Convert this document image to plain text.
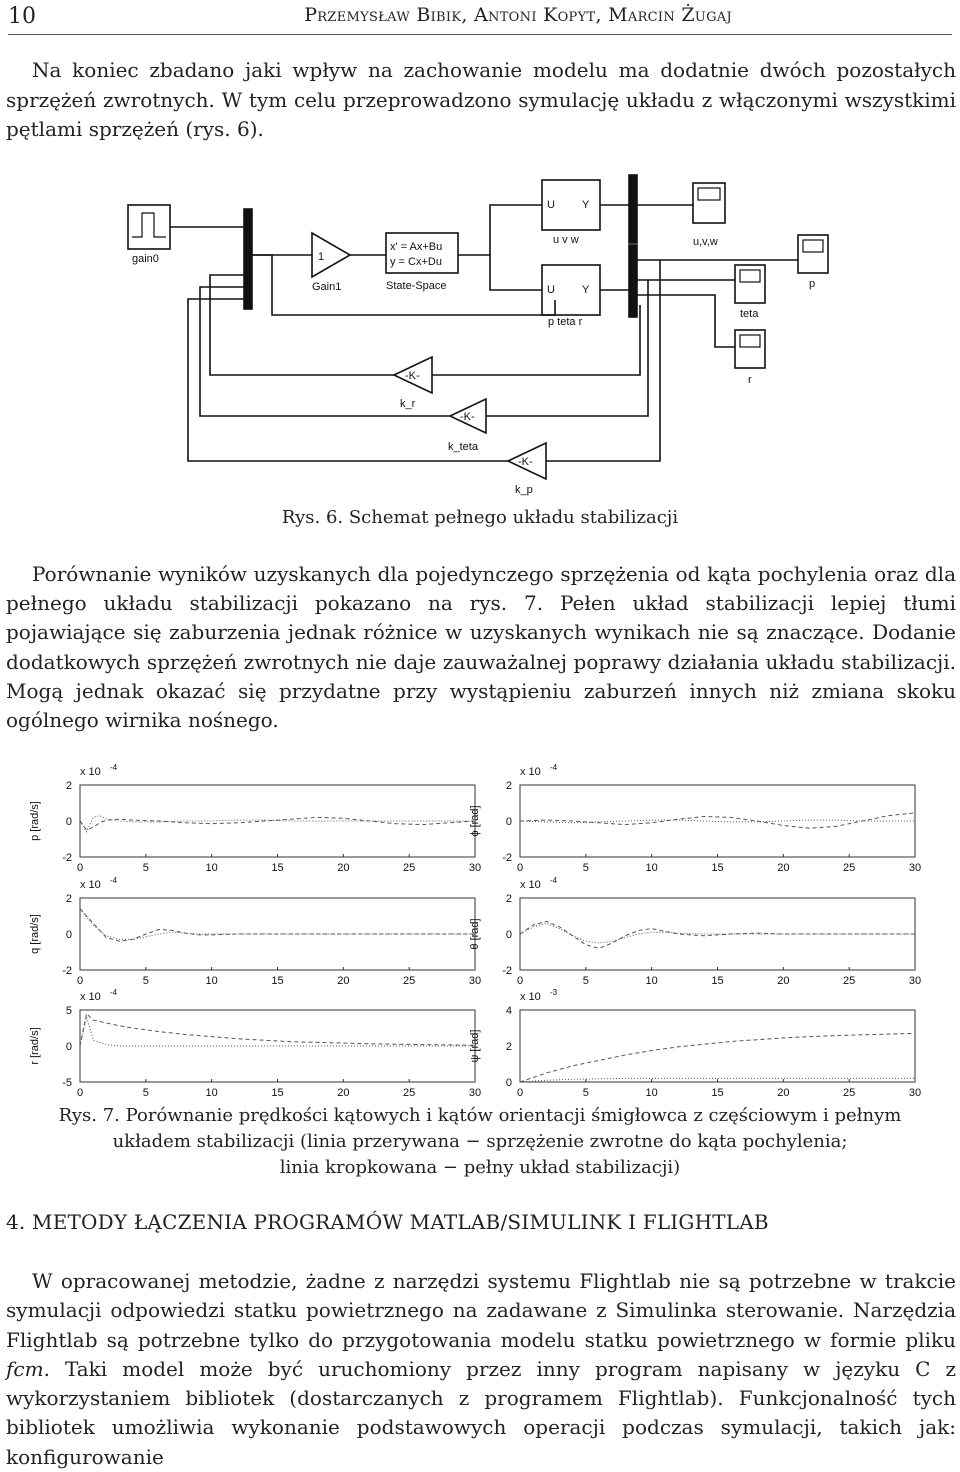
10	Przemysław Bibik, Antoni Kopyt, Marcin Żugaj
Na koniec zbadano jaki wpływ na zachowanie modelu ma dodatnie dwóch pozostałych sprzężeń zwrotnych. W tym celu przeprowadzono symulację układu z włączonymi wszystkimi pętlami sprzężeń (rys. 6).
gain0	1
Gain1
x' = Ax+Bu
y = Cx+Du
State-Space
U Y
u v w
U Y
p teta r
u,v,w
p
teta
r
-K-
k_r
-K-
k_teta
-K-
k_p
Rys. 6. Schemat pełnego układu stabilizacji
Porównanie wyników uzyskanych dla pojedynczego sprzężenia od kąta pochylenia oraz dla pełnego układu stabilizacji pokazano na rys. 7. Pełen układ stabilizacji lepiej tłumi pojawiające się zaburzenia jednak różnice w uzyskanych wynikach nie są znaczące. Dodanie dodatkowych sprzężeń zwrotnych nie daje zauważalnej poprawy działania układu stabilizacji. Mogą jednak okazać się przydatne przy wystąpieniu zaburzeń innych niż zmiana skoku ogólnego wirnika nośnego.
x 10 -4
p [rad/s]
2
0
-2
0	5	10	15	20	25	30
x 10 -4
ϕ [rad]
2
0
-2
0	5	10	15	20	25	30
x 10 -4
q [rad/s]
2
0
-2
0	5	10	15	20	25	30
x 10 -4
θ [rad]
2
0
-2
0	5	10	15	20	25	30
x 10 -4
r [rad/s]
5
0
-5
0	5	10	15	20	25	30
x 10 -3
ψ [rad]
4
2
0
0	5	10	15	20	25	30
Rys. 7. Porównanie prędkości kątowych i kątów orientacji śmigłowca z częściowym i pełnym
układem stabilizacji (linia przerywana − sprzężenie zwrotne do kąta pochylenia;
linia kropkowana − pełny układ stabilizacji)
4. METODY ŁĄCZENIA PROGRAMÓW MATLAB/SIMULINK I FLIGHTLAB
W opracowanej metodzie, żadne z narzędzi systemu Flightlab nie są potrzebne w trakcie symulacji odpowiedzi statku powietrznego na zadawane z Simulinka sterowanie. Narzędzia Flightlab są potrzebne tylko do przygotowania modelu statku powietrznego w formie pliku fcm. Taki model może być uruchomiony przez inny program napisany w języku C z wykorzystaniem bibliotek (dostarczanych z programem Flightlab). Funkcjonalność tych bibliotek umożliwia wykonanie podstawowych operacji podczas symulacji, takich jak: konfigurowanie
